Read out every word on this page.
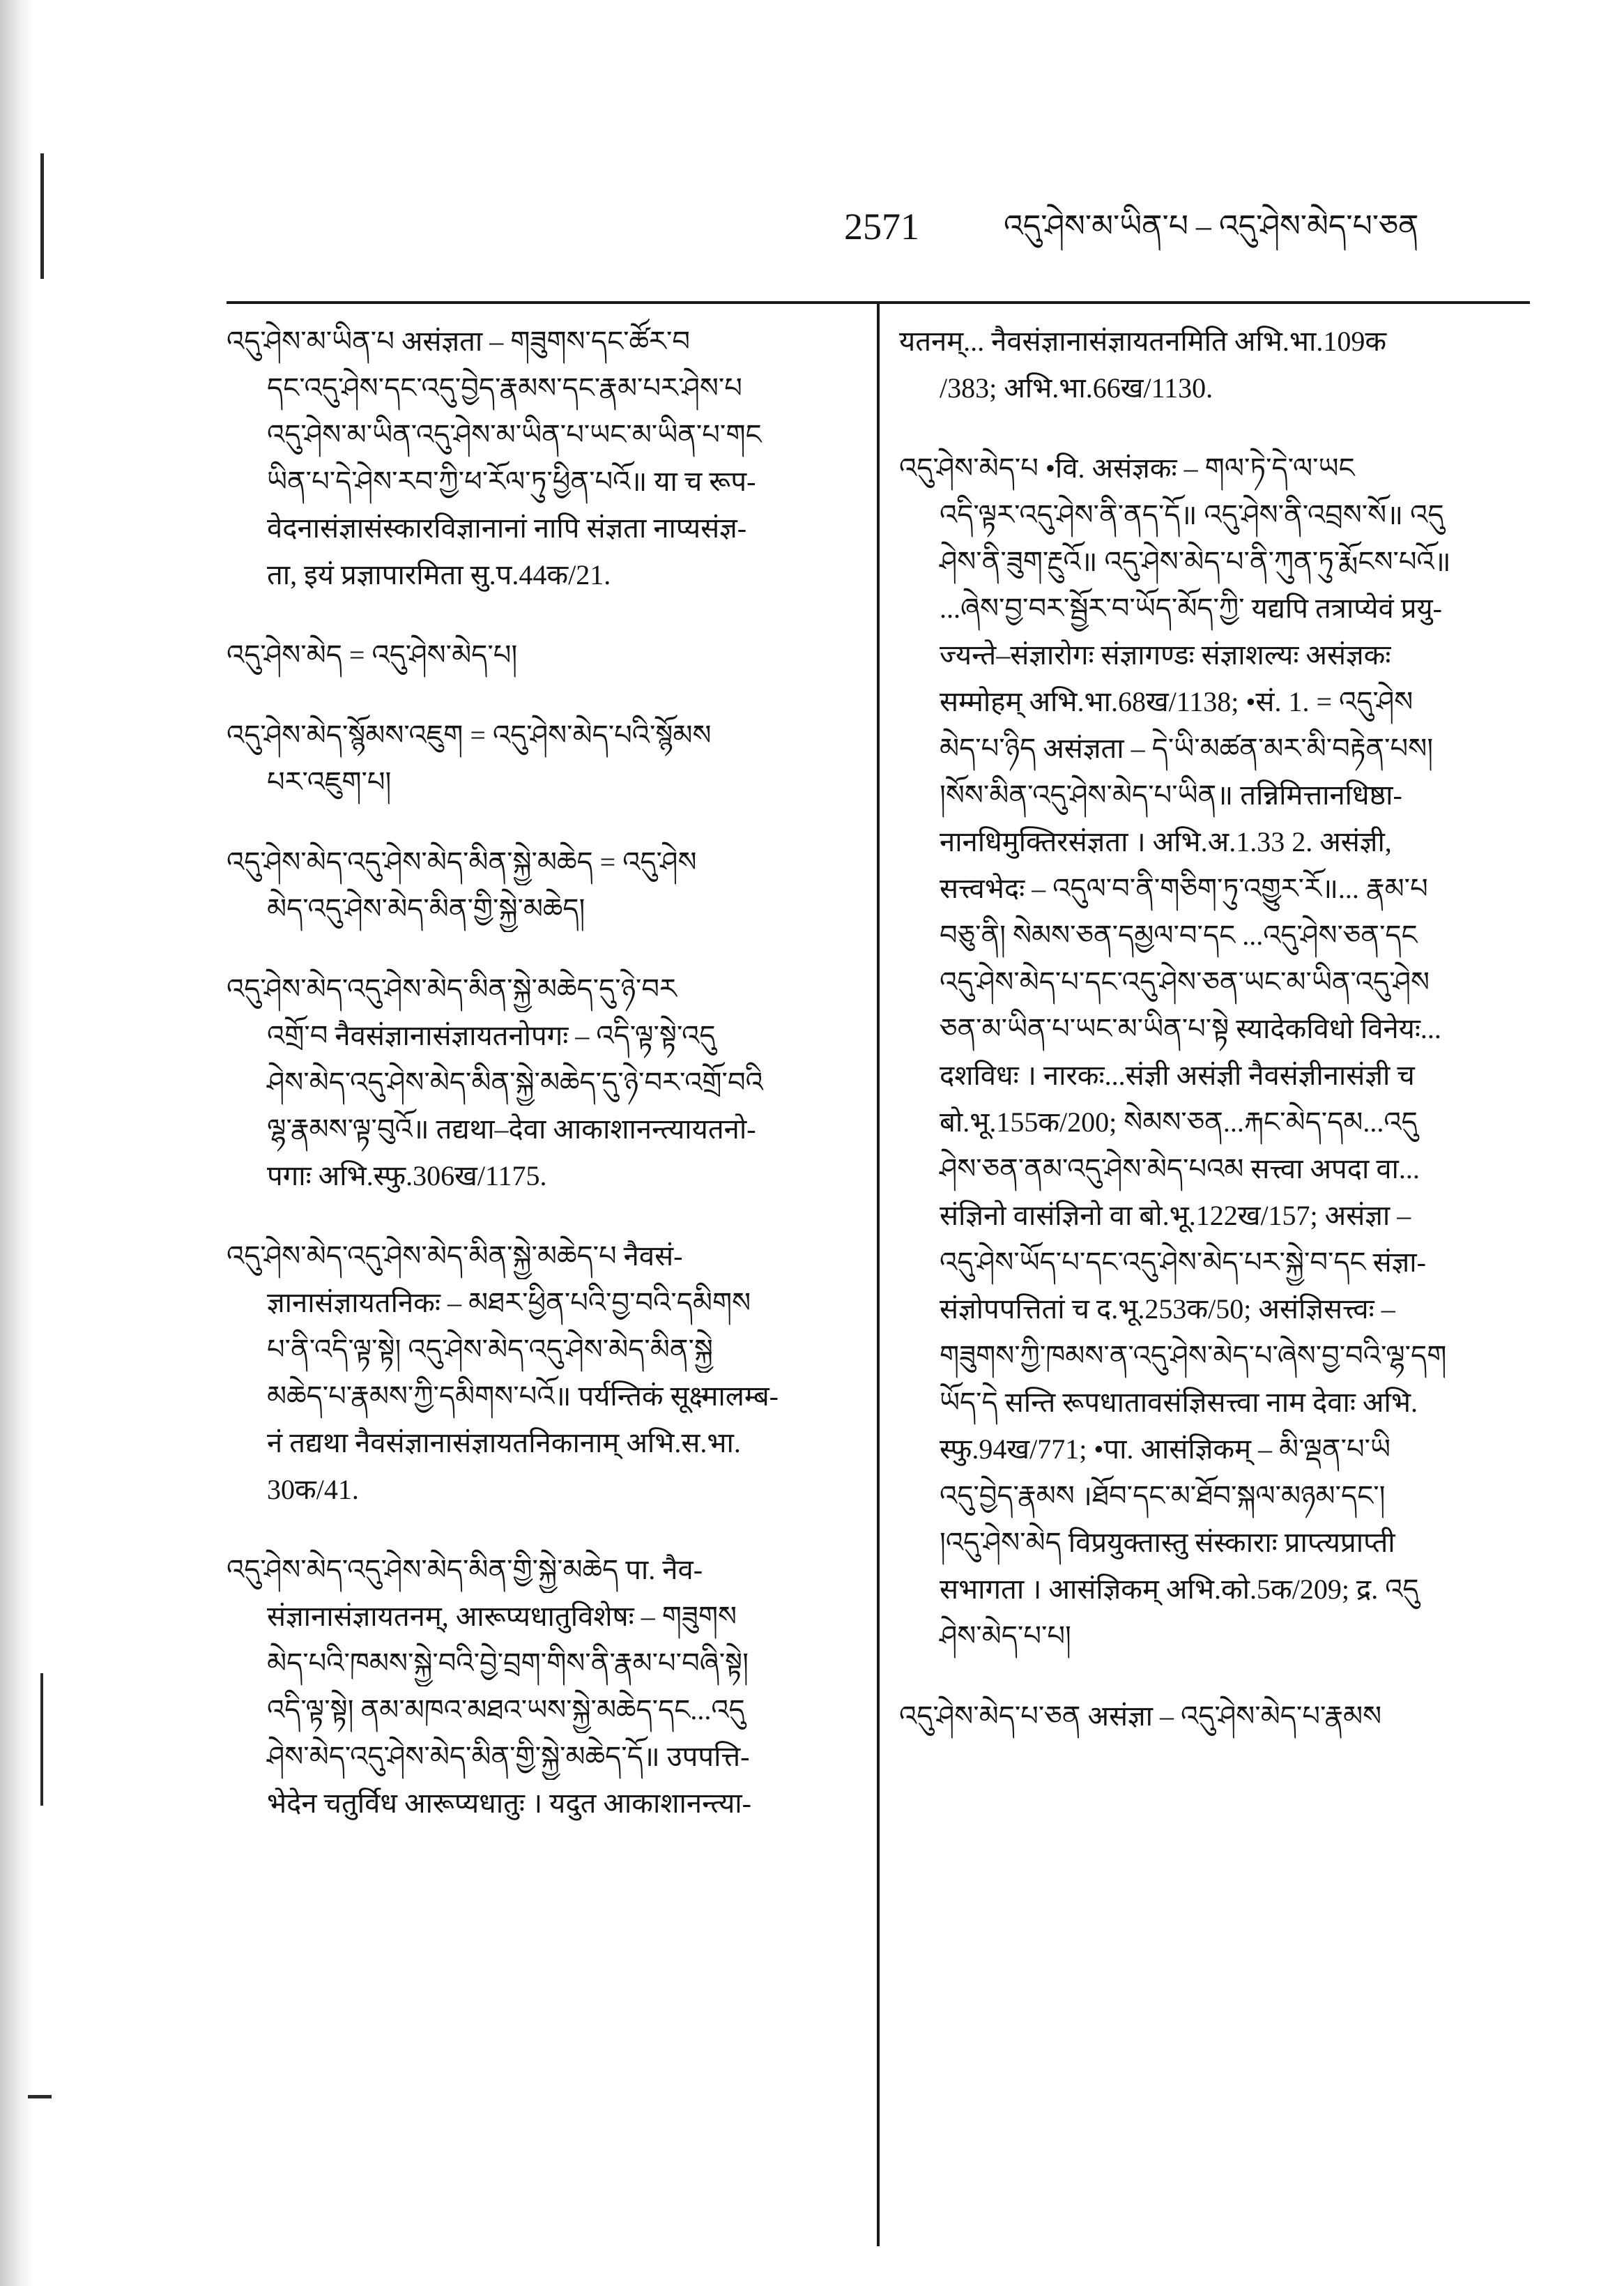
2571	འདུ་ཤེས་མ་ཡིན་པ – འདུ་ཤེས་མེད་པ་ཅན
འདུ་ཤེས་མ་ཡིན་པ असंज्ञता – གཟུགས་དང་ཚོར་བ
དང་འདུ་ཤེས་དང་འདུ་བྱེད་རྣམས་དང་རྣམ་པར་ཤེས་པ
འདུ་ཤེས་མ་ཡིན་འདུ་ཤེས་མ་ཡིན་པ་ཡང་མ་ཡིན་པ་གང
ཡིན་པ་དེ་ཤེས་རབ་ཀྱི་ཕ་རོལ་ཏུ་ཕྱིན་པའོ॥ या च रूप-
वेदनासंज्ञासंस्कारविज्ञानानां नापि संज्ञता नाप्यसंज्ञ-
ता, इयं प्रज्ञापारमिता सु.प.44क/21.
འདུ་ཤེས་མེད = འདུ་ཤེས་མེད་པ།
འདུ་ཤེས་མེད་སྙོམས་འཇུག = འདུ་ཤེས་མེད་པའི་སྙོམས
པར་འཇུག་པ།
འདུ་ཤེས་མེད་འདུ་ཤེས་མེད་མིན་སྐྱེ་མཆེད = འདུ་ཤེས
མེད་འདུ་ཤེས་མེད་མིན་གྱི་སྐྱེ་མཆེད།
འདུ་ཤེས་མེད་འདུ་ཤེས་མེད་མིན་སྐྱེ་མཆེད་དུ་ཉེ་བར
འགྲོ་བ नैवसंज्ञानासंज्ञायतनोपगः – འདི་ལྟ་སྟེ་འདུ
ཤེས་མེད་འདུ་ཤེས་མེད་མིན་སྐྱེ་མཆེད་དུ་ཉེ་བར་འགྲོ་བའི
ལྷ་རྣམས་ལྟ་བུའོ॥ तद्यथा–देवा आकाशानन्त्यायतनो-
पगाः अभि.स्फु.306ख/1175.
འདུ་ཤེས་མེད་འདུ་ཤེས་མེད་མིན་སྐྱེ་མཆེད་པ नैवसं-
ज्ञानासंज्ञायतनिकः – མཐར་ཕྱིན་པའི་བྱ་བའི་དམིགས
པ་ནི་འདི་ལྟ་སྟེ། འདུ་ཤེས་མེད་འདུ་ཤེས་མེད་མིན་སྐྱེ
མཆེད་པ་རྣམས་ཀྱི་དམིགས་པའོ॥ पर्यन्तिकं सूक्ष्मालम्ब-
नं तद्यथा नैवसंज्ञानासंज्ञायतनिकानाम् अभि.स.भा.
30क/41.
འདུ་ཤེས་མེད་འདུ་ཤེས་མེད་མིན་གྱི་སྐྱེ་མཆེད पा. नैव-
संज्ञानासंज्ञायतनम्, आरूप्यधातुविशेषः – གཟུགས
མེད་པའི་ཁམས་སྐྱེ་བའི་བྱེ་བྲག་གིས་ནི་རྣམ་པ་བཞི་སྟེ།
འདི་ལྟ་སྟེ། ནམ་མཁའ་མཐའ་ཡས་སྐྱེ་མཆེད་དང...འདུ
ཤེས་མེད་འདུ་ཤེས་མེད་མིན་གྱི་སྐྱེ་མཆེད་དོ॥ उपपत्ति-
भेदेन चतुर्विध आरूप्यधातुः । यदुत आकाशानन्त्या-
यतनम्... नैवसंज्ञानासंज्ञायतनमिति अभि.भा.109क
/383; अभि.भा.66ख/1130.
འདུ་ཤེས་མེད་པ •वि. असंज्ञकः – གལ་ཏེ་དེ་ལ་ཡང
འདི་ལྟར་འདུ་ཤེས་ནི་ནད་དོ॥ འདུ་ཤེས་ནི་འབྲས་སོ॥ འདུ
ཤེས་ནི་ཟུག་རྔུའོ॥ འདུ་ཤེས་མེད་པ་ནི་ཀུན་ཏུ་རྨོངས་པའོ॥
...ཞེས་བྱ་བར་སྦྱོར་བ་ཡོད་མོད་ཀྱི་ यद्यपि तत्राप्येवं प्रयु-
ज्यन्ते–संज्ञारोगः संज्ञागण्डः संज्ञाशल्यः असंज्ञकः
सम्मोहम् अभि.भा.68ख/1138; •सं. 1. = འདུ་ཤེས
མེད་པ་ཉིད असंज्ञता – དེ་ཡི་མཚན་མར་མི་བརྟེན་པས།
།སོས་མིན་འདུ་ཤེས་མེད་པ་ཡིན॥ तन्निमित्तानधिष्ठा-
नानधिमुक्तिरसंज्ञता । अभि.अ.1.33 2. असंज्ञी,
सत्त्वभेदः – འདུལ་བ་ནི་གཅིག་ཏུ་འགྱུར་རོ॥... རྣམ་པ
བཅུ་ནི། སེམས་ཅན་དམྱལ་བ་དང ...འདུ་ཤེས་ཅན་དང
འདུ་ཤེས་མེད་པ་དང་འདུ་ཤེས་ཅན་ཡང་མ་ཡིན་འདུ་ཤེས
ཅན་མ་ཡིན་པ་ཡང་མ་ཡིན་པ་སྟེ स्यादेकविधो विनेयः...
दशविधः । नारकः...संज्ञी असंज्ञी नैवसंज्ञीनासंज्ञी च
बो.भू.155क/200; སེམས་ཅན...རྐང་མེད་དམ...འདུ
ཤེས་ཅན་ནམ་འདུ་ཤེས་མེད་པའམ सत्त्वा अपदा वा...
संज्ञिनो वासंज्ञिनो वा बो.भू.122ख/157; असंज्ञा –
འདུ་ཤེས་ཡོད་པ་དང་འདུ་ཤེས་མེད་པར་སྐྱེ་བ་དང संज्ञा-
संज्ञोपपत्तितां च द.भू.253क/50; असंज्ञिसत्त्वः –
གཟུགས་ཀྱི་ཁམས་ན་འདུ་ཤེས་མེད་པ་ཞེས་བྱ་བའི་ལྷ་དག
ཡོད་དེ सन्ति रूपधातावसंज्ञिसत्त्वा नाम देवाः अभि.
स्फु.94ख/771; •पा. आसंज्ञिकम् – མི་ལྡན་པ་ཡི
འདུ་བྱེད་རྣམས ।ཐོབ་དང་མ་ཐོབ་སྐལ་མཉམ་དང་།
།འདུ་ཤེས་མེད विप्रयुक्तास्तु संस्काराः प्राप्त्यप्राप्ती
सभागता । आसंज्ञिकम् अभि.को.5क/209; द्र. འདུ
ཤེས་མེད་པ་པ།
འདུ་ཤེས་མེད་པ་ཅན असंज्ञा – འདུ་ཤེས་མེད་པ་རྣམས
